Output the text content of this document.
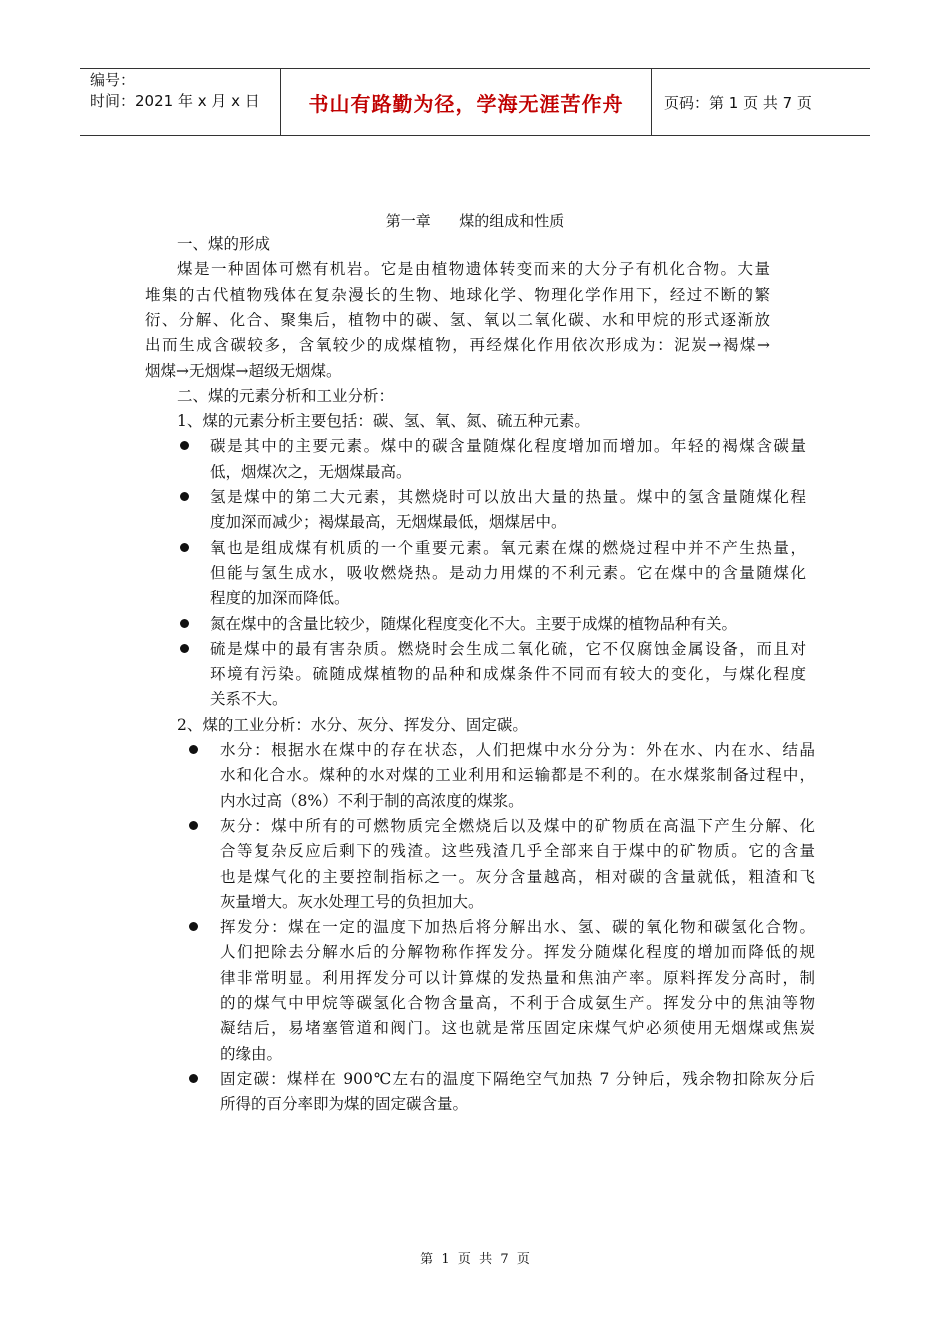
编号：
时间：2021 年 x 月 x 日	书山有路勤为径，学海无涯苦作舟	页码：第 1 页 共 7 页
第一章      煤的组成和性质
一、煤的形成
煤是一种固体可燃有机岩。它是由植物遗体转变而来的大分子有机化合物。大量
堆集的古代植物残体在复杂漫长的生物、地球化学、物理化学作用下，经过不断的繁
衍、分解、化合、聚集后，植物中的碳、氢、氧以二氧化碳、水和甲烷的形式逐渐放
出而生成含碳较多，含氧较少的成煤植物，再经煤化作用依次形成为：泥炭→褐煤→
烟煤→无烟煤→超级无烟煤。
二、煤的元素分析和工业分析：
1、煤的元素分析主要包括：碳、氢、氧、氮、硫五种元素。
碳是其中的主要元素。煤中的碳含量随煤化程度增加而增加。年轻的褐煤含碳量
低，烟煤次之，无烟煤最高。
氢是煤中的第二大元素，其燃烧时可以放出大量的热量。煤中的氢含量随煤化程
度加深而减少；褐煤最高，无烟煤最低，烟煤居中。
氧也是组成煤有机质的一个重要元素。氧元素在煤的燃烧过程中并不产生热量，
但能与氢生成水，吸收燃烧热。是动力用煤的不利元素。它在煤中的含量随煤化
程度的加深而降低。
氮在煤中的含量比较少，随煤化程度变化不大。主要于成煤的植物品种有关。
硫是煤中的最有害杂质。燃烧时会生成二氧化硫，它不仅腐蚀金属设备，而且对
环境有污染。硫随成煤植物的品种和成煤条件不同而有较大的变化，与煤化程度
关系不大。
2、煤的工业分析：水分、灰分、挥发分、固定碳。
水分：根据水在煤中的存在状态，人们把煤中水分分为：外在水、内在水、结晶
水和化合水。煤种的水对煤的工业利用和运输都是不利的。在水煤浆制备过程中，
内水过高（8%）不利于制的高浓度的煤浆。
灰分：煤中所有的可燃物质完全燃烧后以及煤中的矿物质在高温下产生分解、化
合等复杂反应后剩下的残渣。这些残渣几乎全部来自于煤中的矿物质。它的含量
也是煤气化的主要控制指标之一。灰分含量越高，相对碳的含量就低，粗渣和飞
灰量增大。灰水处理工号的负担加大。
挥发分：煤在一定的温度下加热后将分解出水、氢、碳的氧化物和碳氢化合物。
人们把除去分解水后的分解物称作挥发分。挥发分随煤化程度的增加而降低的规
律非常明显。利用挥发分可以计算煤的发热量和焦油产率。原料挥发分高时，制
的的煤气中甲烷等碳氢化合物含量高，不利于合成氨生产。挥发分中的焦油等物
凝结后，易堵塞管道和阀门。这也就是常压固定床煤气炉必须使用无烟煤或焦炭
的缘由。
固定碳：煤样在 900℃左右的温度下隔绝空气加热 7 分钟后，残余物扣除灰分后
所得的百分率即为煤的固定碳含量。
第  1  页  共  7  页
